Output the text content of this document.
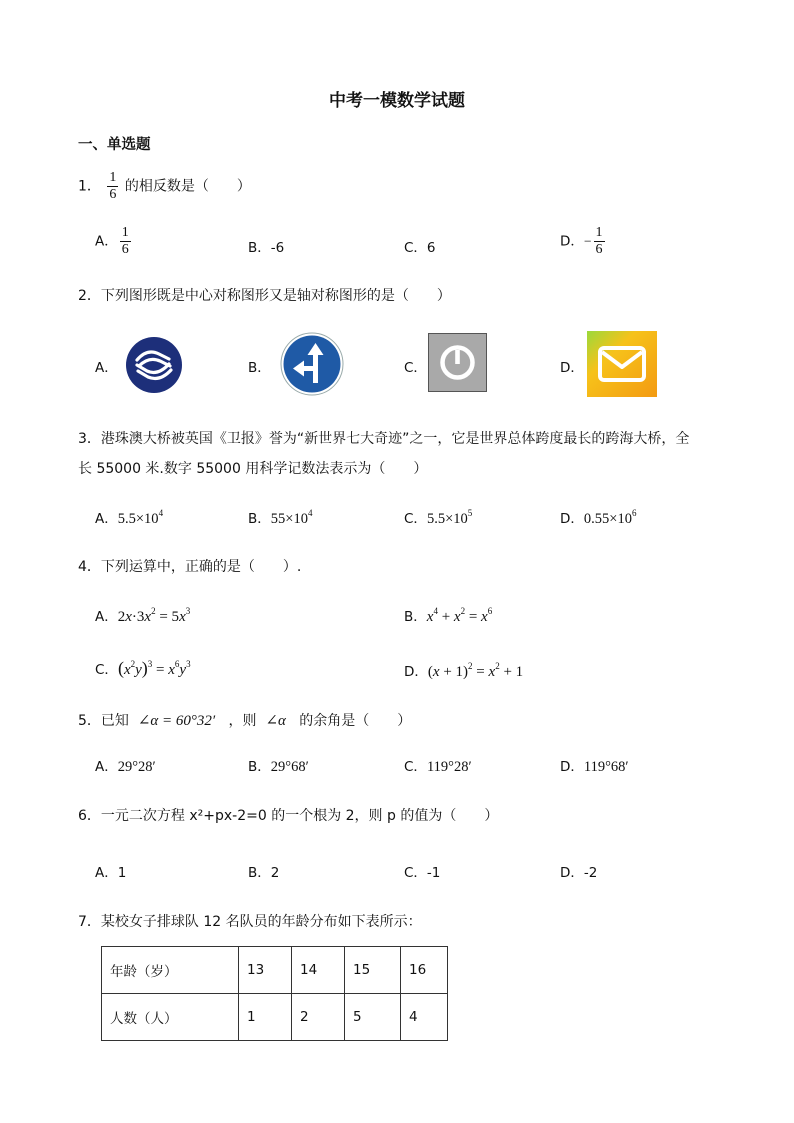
中考一模数学试题
一、单选题
1． $\frac{1}{6}$ 的相反数是（　　）
A． $\frac{1}{6}$	B．-6	C．6	D．− $\frac{1}{6}$
2．下列图形既是中心对称图形又是轴对称图形的是（　　）
A．	B．	C．	D．
3．港珠澳大桥被英国《卫报》誉为“新世界七大奇迹”之一，它是世界总体跨度最长的跨海大桥，全
长 55000 米.数字 55000 用科学记数法表示为（　　）
A．$5.5\times 10^4$	B．$55\times 10^4$	C．$5.5\times 10^5$	D．$0.55\times 10^6$
4．下列运算中，正确的是（　　）.
A．$2x\cdot 3x^2 = 5x^3$	B．$x^4 + x^2 = x^6$
C．$(x^2y)^3 = x^6y^3$	D．$(x + 1)^2 = x^2 + 1$
5．已知 ∠α = 60°32′ ，则 ∠α 的余角是（　　）
A．29°28′	B．29°68′	C．119°28′	D．119°68′
6．一元二次方程 x²+px-2=0 的一个根为 2，则 p 的值为（　　）
A．1	B．2	C．-1	D．-2
7．某校女子排球队 12 名队员的年龄分布如下表所示：
年龄（岁）	13	14	15	16
人数（人）	1	2	5	4
